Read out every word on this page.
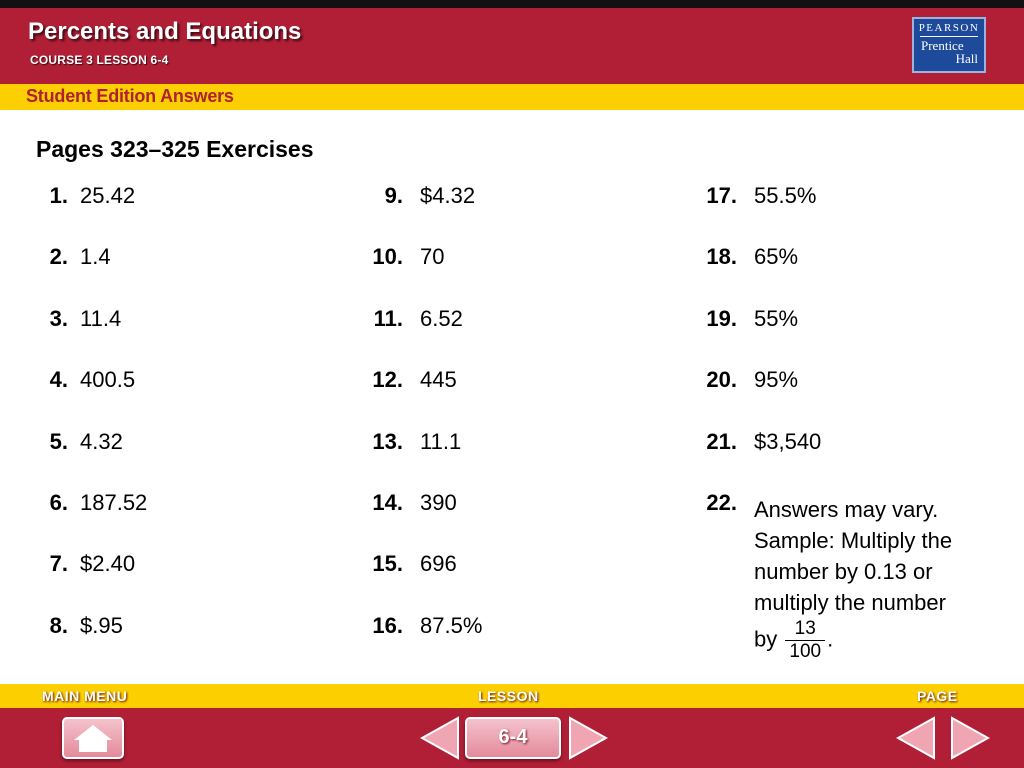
Percents and Equations
COURSE 3 LESSON 6-4
PEARSON
Prentice
Hall
Student Edition Answers
Pages 323–325 Exercises
1. 25.42
2. 1.4
3. 11.4
4. 400.5
5. 4.32
6. 187.52
7. $2.40
8. $.95
9. $4.32
10. 70
11. 6.52
12. 445
13. 11.1
14. 390
15. 696
16. 87.5%
17. 55.5%
18. 65%
19. 55%
20. 95%
21. $3,540
22. Answers may vary.
Sample: Multiply the
number by 0.13 or
multiply the number
by $\frac{13}{100}$ .
MAIN MENU	LESSON	PAGE
6-4
